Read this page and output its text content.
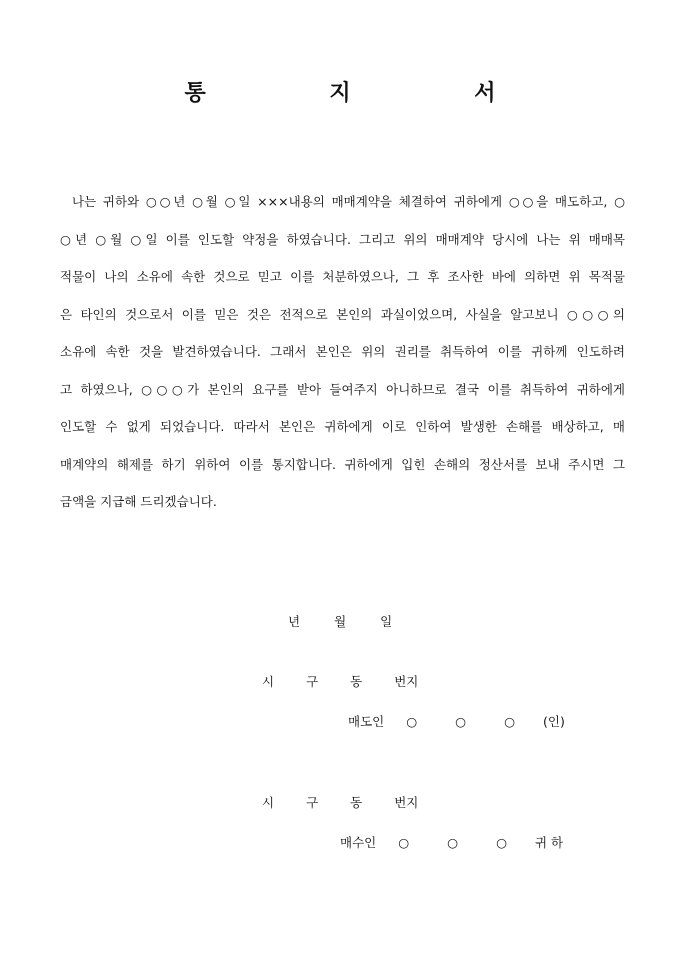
통 지 서
나는 귀하와 ○○년 ○월 ○일 ×××내용의 매매계약을 체결하여 귀하에게 ○○을 매도하고, ○
○년 ○월 ○일 이를 인도할 약정을 하였습니다. 그리고 위의 매매계약 당시에 나는 위 매매목
적물이 나의 소유에 속한 것으로 믿고 이를 처분하였으나, 그 후 조사한 바에 의하면 위 목적물
은 타인의 것으로서 이를 믿은 것은 전적으로 본인의 과실이었으며, 사실을 알고보니 ○○○의
소유에 속한 것을 발견하였습니다. 그래서 본인은 위의 권리를 취득하여 이를 귀하께 인도하려
고 하였으나, ○○○가 본인의 요구를 받아 들여주지 아니하므로 결국 이를 취득하여 귀하에게
인도할 수 없게 되었습니다. 따라서 본인은 귀하에게 이로 인하여 발생한 손해를 배상하고, 매
매계약의 해제를 하기 위하여 이를 통지합니다. 귀하에게 입힌 손해의 정산서를 보내 주시면 그
금액을 지급해 드리겠습니다.
년	월	일
시	구	동	번지
매도인 ○	○	○ (인)
시	구	동	번지
매수인 ○	○	○ 귀 하
